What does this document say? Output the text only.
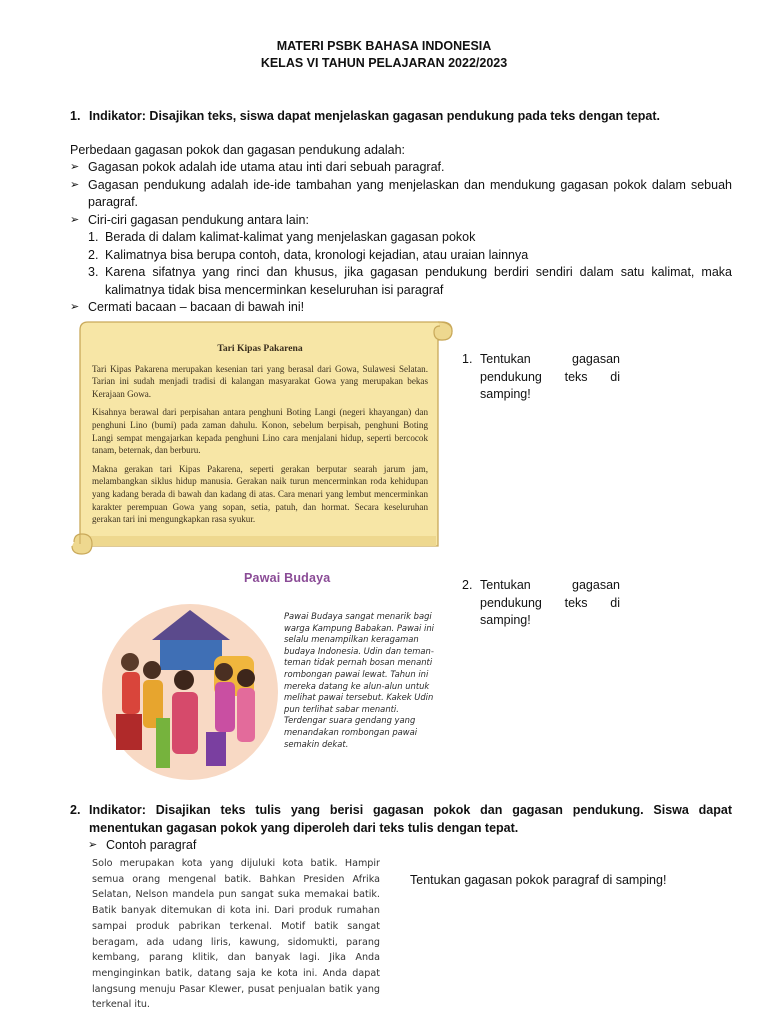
MATERI PSBK BAHASA INDONESIA
KELAS VI TAHUN PELAJARAN 2022/2023
1. Indikator: Disajikan teks, siswa dapat menjelaskan gagasan pendukung pada teks dengan tepat.
Perbedaan gagasan pokok dan gagasan pendukung adalah:
➢ Gagasan pokok adalah ide utama atau inti dari sebuah paragraf.
➢ Gagasan pendukung adalah ide-ide tambahan yang menjelaskan dan mendukung gagasan pokok dalam sebuah paragraf.
➢ Ciri-ciri gagasan pendukung antara lain:
1. Berada di dalam kalimat-kalimat yang menjelaskan gagasan pokok
2. Kalimatnya bisa berupa contoh, data, kronologi kejadian, atau uraian lainnya
3. Karena sifatnya yang rinci dan khusus, jika gagasan pendukung berdiri sendiri dalam satu kalimat, maka kalimatnya tidak bisa mencerminkan keseluruhan isi paragraf
➢ Cermati bacaan – bacaan di bawah ini!
Tari Kipas Pakarena

Tari Kipas Pakarena merupakan kesenian tari yang berasal dari Gowa, Sulawesi Selatan. Tarian ini sudah menjadi tradisi di kalangan masyarakat Gowa yang merupakan bekas Kerajaan Gowa.

Kisahnya berawal dari perpisahan antara penghuni Boting Langi (negeri khayangan) dan penghuni Lino (bumi) pada zaman dahulu. Konon, sebelum berpisah, penghuni Boting Langi sempat mengajarkan kepada penghuni Lino cara menjalani hidup, seperti bercocok tanam, beternak, dan berburu.

Makna gerakan tari Kipas Pakarena, seperti gerakan berputar searah jarum jam, melambangkan siklus hidup manusia. Gerakan naik turun mencerminkan roda kehidupan yang kadang berada di bawah dan kadang di atas. Cara menari yang lembut mencerminkan karakter perempuan Gowa yang sopan, setia, patuh, dan hormat. Secara keseluruhan gerakan tari ini mengungkapkan rasa syukur.

1. Tentukan gagasan pendukung teks di samping!
Pawai Budaya
Pawai Budaya sangat menarik bagi warga Kampung Babakan. Pawai ini selalu menampilkan keragaman budaya Indonesia. Udin dan teman-teman tidak pernah bosan menanti rombongan pawai lewat. Tahun ini mereka datang ke alun-alun untuk melihat pawai tersebut. Kakek Udin pun terlihat sabar menanti. Terdengar suara gendang yang menandakan rombongan pawai semakin dekat.
2. Tentukan gagasan pendukung teks di samping!
2. Indikator: Disajikan teks tulis yang berisi gagasan pokok dan gagasan pendukung. Siswa dapat menentukan gagasan pokok yang diperoleh dari teks tulis dengan tepat.
➢ Contoh paragraf
Solo merupakan kota yang dijuluki kota batik. Hampir semua orang mengenal batik. Bahkan Presiden Afrika Selatan, Nelson mandela pun sangat suka memakai batik. Batik banyak ditemukan di kota ini. Dari produk rumahan sampai produk pabrikan terkenal. Motif batik sangat beragam, ada udang liris, kawung, sidomukti, parang kembang, parang klitik, dan banyak lagi. Jika Anda menginginkan batik, datang saja ke kota ini. Anda dapat langsung menuju Pasar Klewer, pusat penjualan batik yang terkenal itu.
Tentukan gagasan pokok paragraf di samping!
